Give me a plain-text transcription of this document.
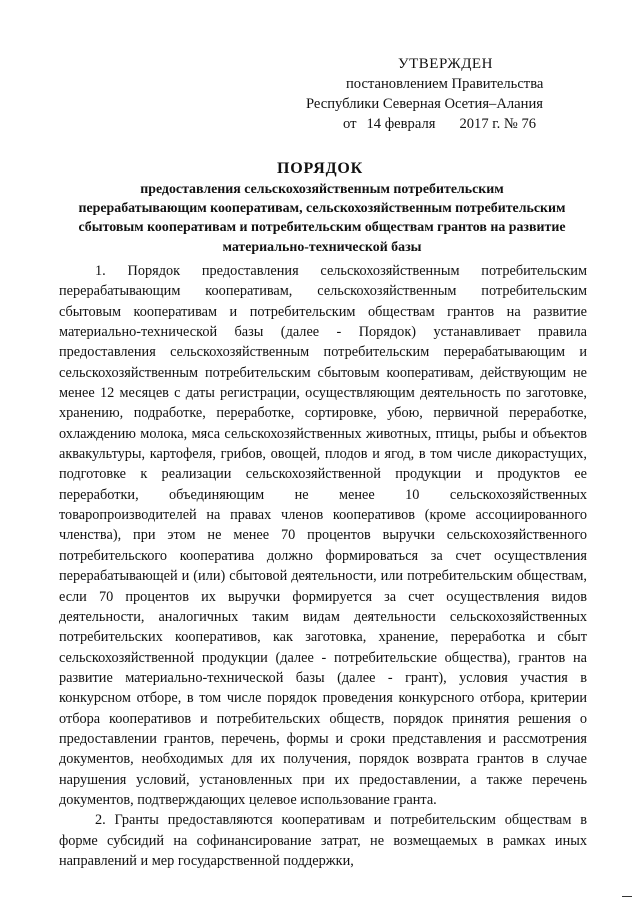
УТВЕРЖДЕН
постановлением Правительства
Республики Северная Осетия–Алания
от 14 февраля 2017 г. № 76
ПОРЯДОК
предоставления сельскохозяйственным потребительским перерабатывающим кооперативам, сельскохозяйственным потребительским сбытовым кооперативам и потребительским обществам грантов на развитие материально-технической базы

1. Порядок предоставления сельскохозяйственным потребительским перерабатывающим кооперативам, сельскохозяйственным потребительским сбытовым кооперативам и потребительским обществам грантов на развитие материально-технической базы (далее - Порядок) устанавливает правила предоставления сельскохозяйственным потребительским перерабатывающим и сельскохозяйственным потребительским сбытовым кооперативам, действующим не менее 12 месяцев с даты регистрации, осуществляющим деятельность по заготовке, хранению, подработке, переработке, сортировке, убою, первичной переработке, охлаждению молока, мяса сельскохозяйственных животных, птицы, рыбы и объектов аквакультуры, картофеля, грибов, овощей, плодов и ягод, в том числе дикорастущих, подготовке к реализации сельскохозяйственной продукции и продуктов ее переработки, объединяющим не менее 10 сельскохозяйственных товаропроизводителей на правах членов кооперативов (кроме ассоциированного членства), при этом не менее 70 процентов выручки сельскохозяйственного потребительского кооператива должно формироваться за счет осуществления перерабатывающей и (или) сбытовой деятельности, или потребительским обществам, если 70 процентов их выручки формируется за счет осуществления видов деятельности, аналогичных таким видам деятельности сельскохозяйственных потребительских кооперативов, как заготовка, хранение, переработка и сбыт сельскохозяйственной продукции (далее - потребительские общества), грантов на развитие материально-технической базы (далее - грант), условия участия в конкурсном отборе, в том числе порядок проведения конкурсного отбора, критерии отбора кооперативов и потребительских обществ, порядок принятия решения о предоставлении грантов, перечень, формы и сроки представления и рассмотрения документов, необходимых для их получения, порядок возврата грантов в случае нарушения условий, установленных при их предоставлении, а также перечень документов, подтверждающих целевое использование гранта.

2. Гранты предоставляются кооперативам и потребительским обществам в форме субсидий на софинансирование затрат, не возмещаемых в рамках иных направлений и мер государственной поддержки,
